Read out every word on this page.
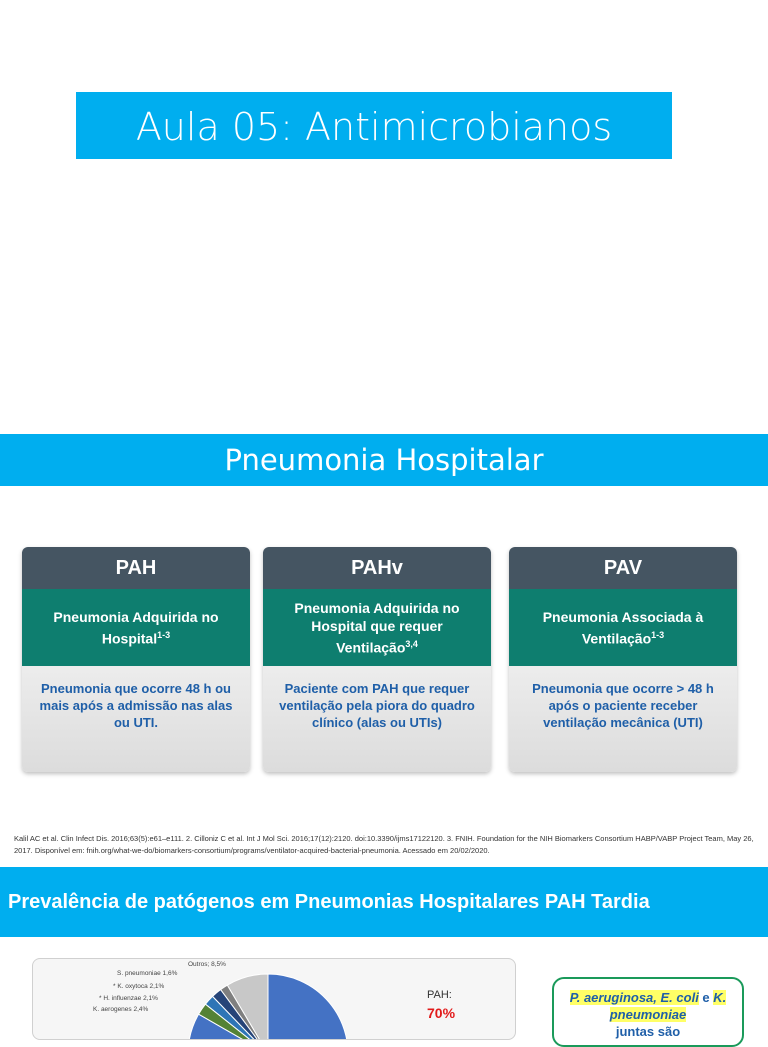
Aula 05: Antimicrobianos
Pneumonia Hospitalar
PAH
Pneumonia Adquirida no Hospital$^{1-3}$
Pneumonia que ocorre 48 h ou mais após a admissão nas alas ou UTI.
PAHv
Pneumonia Adquirida no Hospital que requer Ventilação$^{3,4}$
Paciente com PAH que requer ventilação pela piora do quadro clínico (alas ou UTIs)
PAV
Pneumonia Associada à Ventilação$^{1-3}$
Pneumonia que ocorre > 48 h após o paciente receber ventilação mecânica (UTI)
Kalil AC et al. Clin Infect Dis. 2016;63(5):e61–e111. 2. Cilloniz C et al. Int J Mol Sci. 2016;17(12):2120. doi:10.3390/ijms17122120. 3. FNIH. Foundation for the NIH Biomarkers Consortium HABP/VABP Project Team, May 26, 2017. Disponível em: fnih.org/what-we-do/biomarkers-consortium/programs/ventilator-acquired-bacterial-pneumonia. Acessado em 20/02/2020.
Prevalência de patógenos em Pneumonias Hospitalares PAH Tardia
Outros; 8,5%
S. pneumoniae 1,6%
* K. oxytoca 2,1%
* H. influenzae 2,1%
K. aerogenes 2,4%
PAH:
70%
P. aeruginosa, E. coli e K. pneumoniae
juntas são
